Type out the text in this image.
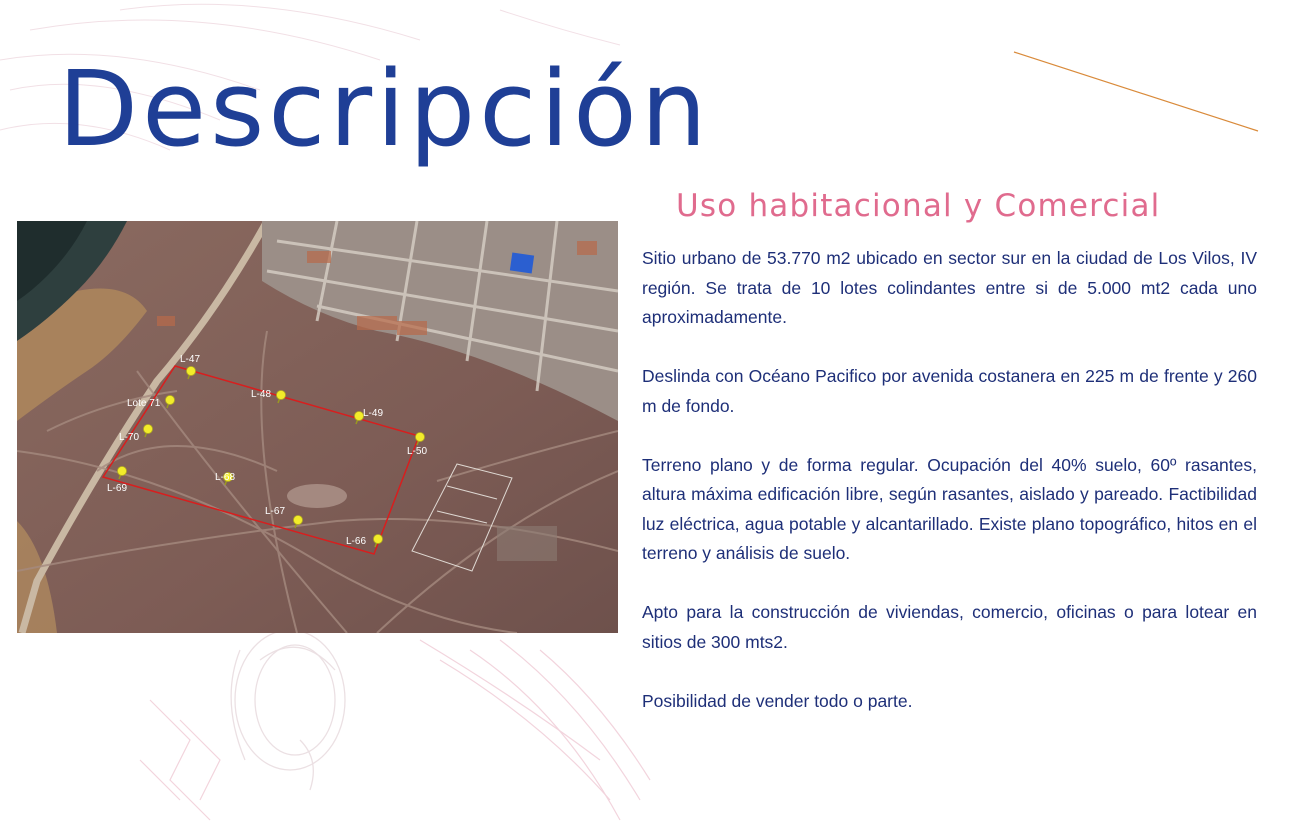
Descripción
Uso habitacional y Comercial
L-47
Lote 71
L-70
L-69
L-48
L-49
L-50
L-68
L-67
L-66

Sitio urbano de 53.770 m2 ubicado en sector sur en la ciudad de Los Vilos, IV región. Se trata de 10 lotes colindantes entre si de 5.000 mt2 cada uno aproximadamente.

Deslinda con Océano Pacifico por avenida costanera en 225 m de frente y 260 m de fondo.

Terreno plano y de forma regular. Ocupación del 40% suelo, 60º rasantes, altura máxima edificación libre, según rasantes, aislado y pareado. Factibilidad luz eléctrica, agua potable y alcantarillado. Existe plano topográfico, hitos en el terreno y análisis de suelo.

Apto para la construcción de viviendas, comercio, oficinas o para lotear en sitios de 300 mts2.

Posibilidad de vender todo o parte.
